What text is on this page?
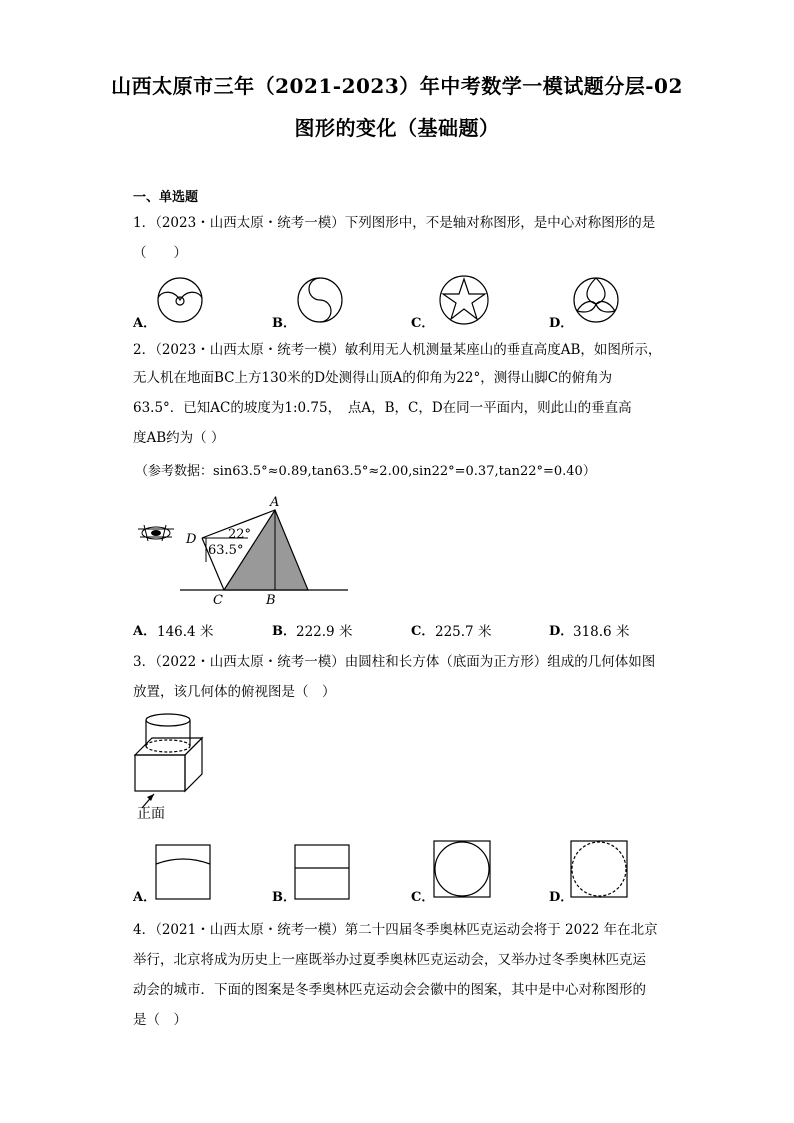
山西太原市三年（2021-2023）年中考数学一模试题分层-02
图形的变化（基础题）
一、单选题
1．（2023・山西太原・统考一模）下列图形中，不是轴对称图形，是中心对称图形的是
（　　）
A．	B．	C．	D．
2．（2023・山西太原・统考一模）敏利用无人机测量某座山的垂直高度AB，如图所示，
无人机在地面BC上方130米的D处测得山顶A的仰角为22°，测得山脚C的俯角为
63.5°．已知AC的坡度为1:0.75，　点A，B，C，D在同一平面内，则此山的垂直高
度AB约为（ ）
（参考数据：sin63.5°≈0.89,tan63.5°≈2.00,sin22°=0.37,tan22°=0.40）
D
A
C	B
22°
63.5°
A． 146.4 米	B． 222.9 米	C． 225.7 米	D． 318.6 米
3．（2022・山西太原・统考一模）由圆柱和长方体（底面为正方形）组成的几何体如图
放置，该几何体的俯视图是（　）
正面
A．	B．	C．	D．
4．（2021・山西太原・统考一模）第二十四届冬季奥林匹克运动会将于 2022 年在北京
举行，北京将成为历史上一座既举办过夏季奥林匹克运动会，又举办过冬季奥林匹克运
动会的城市．下面的图案是冬季奥林匹克运动会会徽中的图案，其中是中心对称图形的
是（　）
